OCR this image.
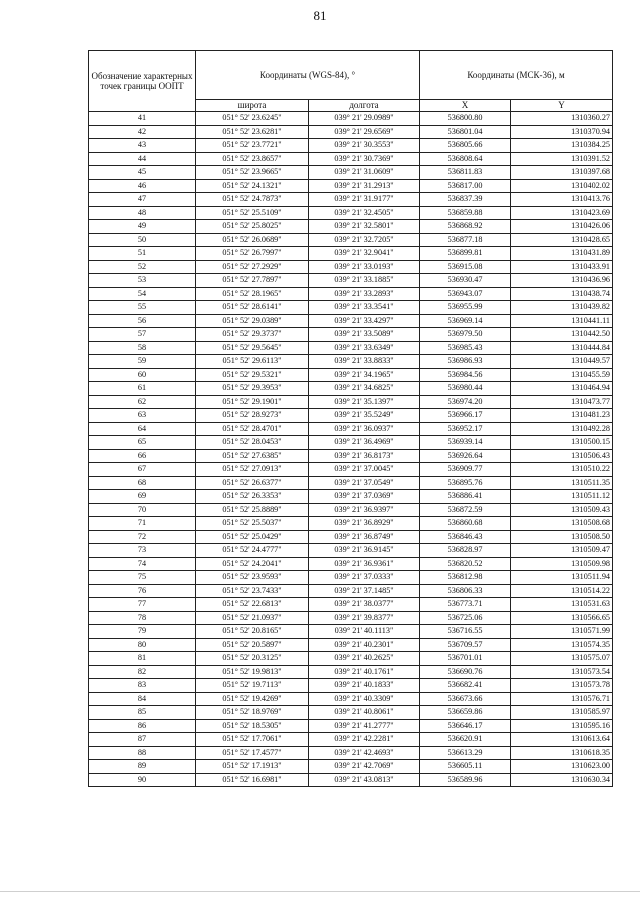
81
Обозначение характерных точек границы ООПТ	Координаты (WGS-84), °		Координаты (МСК-36), м	
	широта	долгота	X	Y
41	051° 52' 23.6245"	039° 21' 29.0989"	536800.80	1310360.27
42	051° 52' 23.6281"	039° 21' 29.6569"	536801.04	1310370.94
43	051° 52' 23.7721"	039° 21' 30.3553"	536805.66	1310384.25
44	051° 52' 23.8657"	039° 21' 30.7369"	536808.64	1310391.52
45	051° 52' 23.9665"	039° 21' 31.0609"	536811.83	1310397.68
46	051° 52' 24.1321"	039° 21' 31.2913"	536817.00	1310402.02
47	051° 52' 24.7873"	039° 21' 31.9177"	536837.39	1310413.76
48	051° 52' 25.5109"	039° 21' 32.4505"	536859.88	1310423.69
49	051° 52' 25.8025"	039° 21' 32.5801"	536868.92	1310426.06
50	051° 52' 26.0689"	039° 21' 32.7205"	536877.18	1310428.65
51	051° 52' 26.7997"	039° 21' 32.9041"	536899.81	1310431.89
52	051° 52' 27.2929"	039° 21' 33.0193"	536915.08	1310433.91
53	051° 52' 27.7897"	039° 21' 33.1885"	536930.47	1310436.96
54	051° 52' 28.1965"	039° 21' 33.2893"	536943.07	1310438.74
55	051° 52' 28.6141"	039° 21' 33.3541"	536955.99	1310439.82
56	051° 52' 29.0389"	039° 21' 33.4297"	536969.14	1310441.11
57	051° 52' 29.3737"	039° 21' 33.5089"	536979.50	1310442.50
58	051° 52' 29.5645"	039° 21' 33.6349"	536985.43	1310444.84
59	051° 52' 29.6113"	039° 21' 33.8833"	536986.93	1310449.57
60	051° 52' 29.5321"	039° 21' 34.1965"	536984.56	1310455.59
61	051° 52' 29.3953"	039° 21' 34.6825"	536980.44	1310464.94
62	051° 52' 29.1901"	039° 21' 35.1397"	536974.20	1310473.77
63	051° 52' 28.9273"	039° 21' 35.5249"	536966.17	1310481.23
64	051° 52' 28.4701"	039° 21' 36.0937"	536952.17	1310492.28
65	051° 52' 28.0453"	039° 21' 36.4969"	536939.14	1310500.15
66	051° 52' 27.6385"	039° 21' 36.8173"	536926.64	1310506.43
67	051° 52' 27.0913"	039° 21' 37.0045"	536909.77	1310510.22
68	051° 52' 26.6377"	039° 21' 37.0549"	536895.76	1310511.35
69	051° 52' 26.3353"	039° 21' 37.0369"	536886.41	1310511.12
70	051° 52' 25.8889"	039° 21' 36.9397"	536872.59	1310509.43
71	051° 52' 25.5037"	039° 21' 36.8929"	536860.68	1310508.68
72	051° 52' 25.0429"	039° 21' 36.8749"	536846.43	1310508.50
73	051° 52' 24.4777"	039° 21' 36.9145"	536828.97	1310509.47
74	051° 52' 24.2041"	039° 21' 36.9361"	536820.52	1310509.98
75	051° 52' 23.9593"	039° 21' 37.0333"	536812.98	1310511.94
76	051° 52' 23.7433"	039° 21' 37.1485"	536806.33	1310514.22
77	051° 52' 22.6813"	039° 21' 38.0377"	536773.71	1310531.63
78	051° 52' 21.0937"	039° 21' 39.8377"	536725.06	1310566.65
79	051° 52' 20.8165"	039° 21' 40.1113"	536716.55	1310571.99
80	051° 52' 20.5897"	039° 21' 40.2301"	536709.57	1310574.35
81	051° 52' 20.3125"	039° 21' 40.2625"	536701.01	1310575.07
82	051° 52' 19.9813"	039° 21' 40.1761"	536690.76	1310573.54
83	051° 52' 19.7113"	039° 21' 40.1833"	536682.41	1310573.78
84	051° 52' 19.4269"	039° 21' 40.3309"	536673.66	1310576.71
85	051° 52' 18.9769"	039° 21' 40.8061"	536659.86	1310585.97
86	051° 52' 18.5305"	039° 21' 41.2777"	536646.17	1310595.16
87	051° 52' 17.7061"	039° 21' 42.2281"	536620.91	1310613.64
88	051° 52' 17.4577"	039° 21' 42.4693"	536613.29	1310618.35
89	051° 52' 17.1913"	039° 21' 42.7069"	536605.11	1310623.00
90	051° 52' 16.6981"	039° 21' 43.0813"	536589.96	1310630.34
